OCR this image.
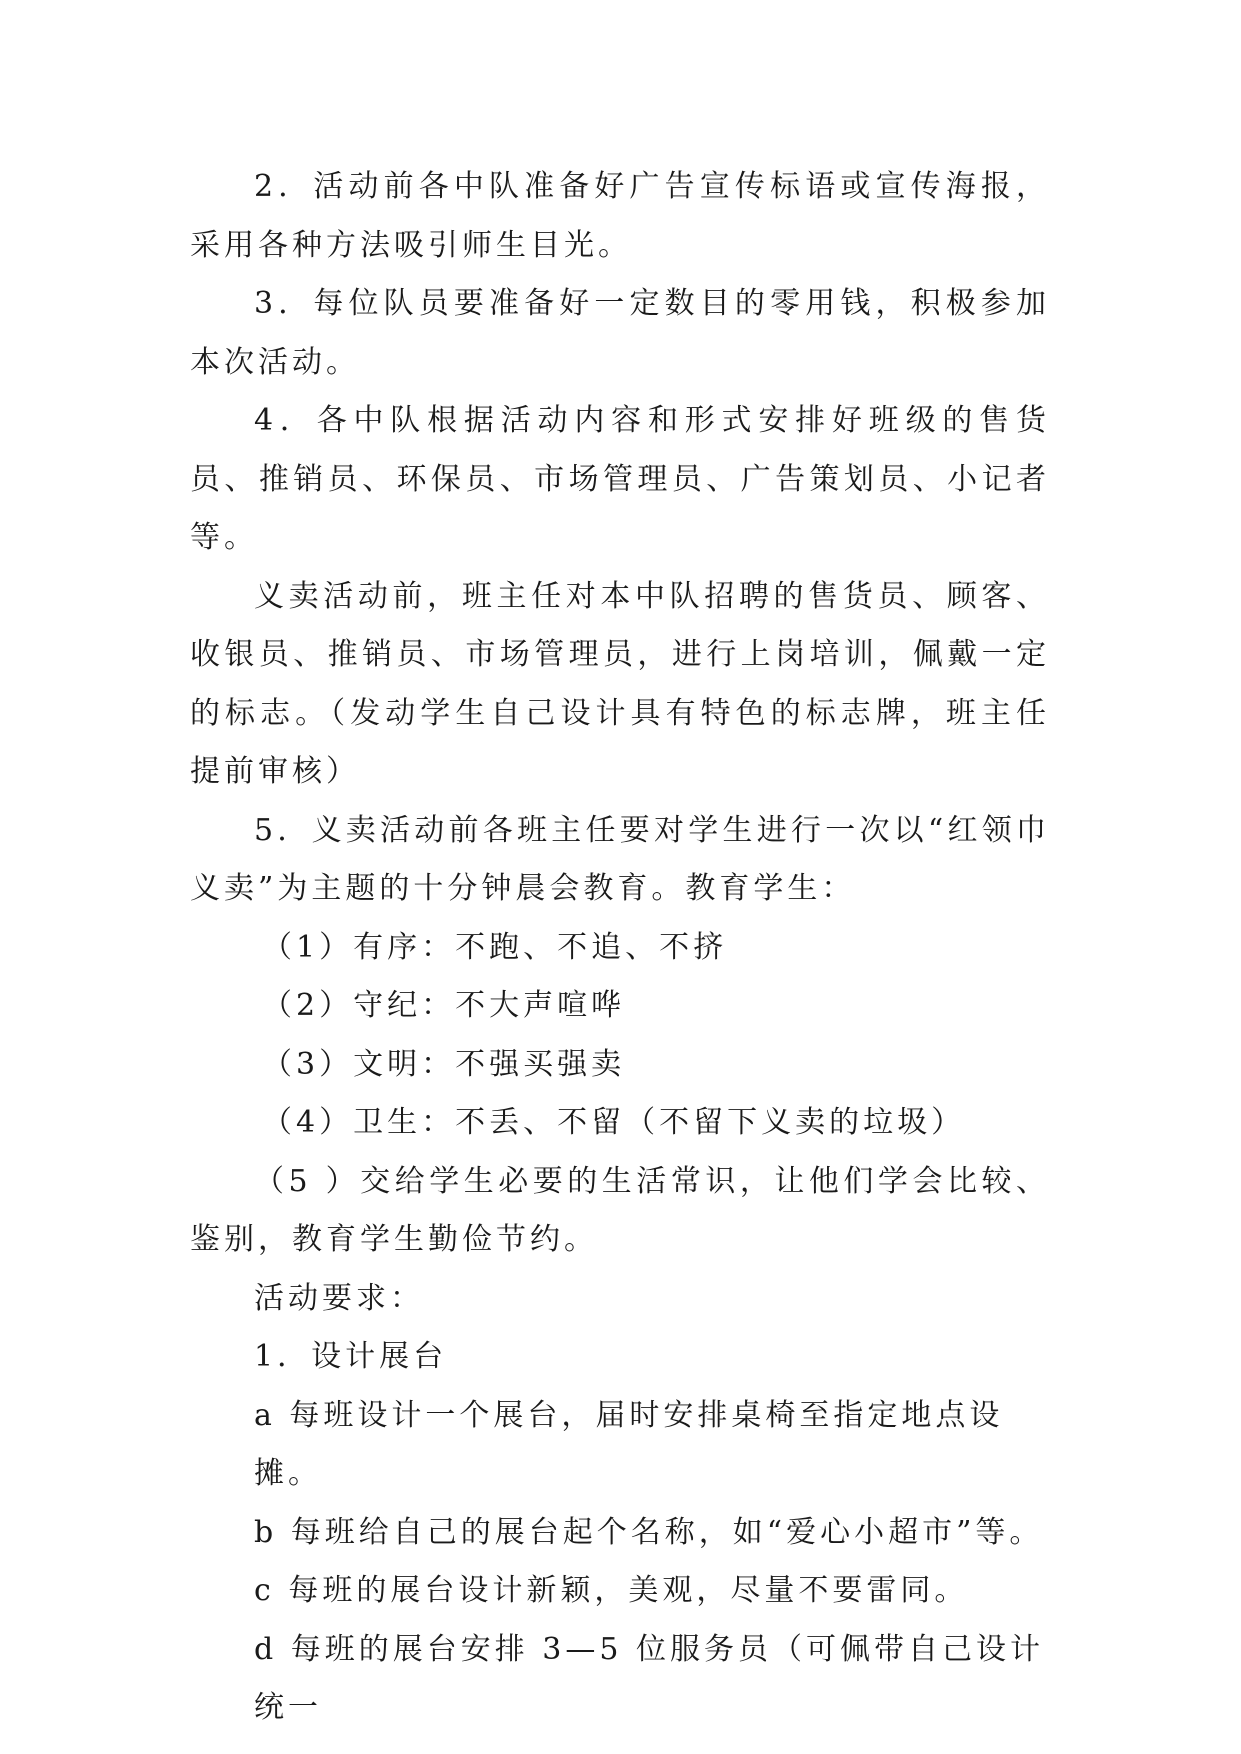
2．活动前各中队准备好广告宣传标语或宣传海报，采用各种方法吸引师生目光。

3．每位队员要准备好一定数目的零用钱，积极参加本次活动。

4．各中队根据活动内容和形式安排好班级的售货员、推销员、环保员、市场管理员、广告策划员、小记者等。

义卖活动前，班主任对本中队招聘的售货员、顾客、收银员、推销员、市场管理员，进行上岗培训，佩戴一定的标志。（发动学生自己设计具有特色的标志牌，班主任提前审核）

5．义卖活动前各班主任要对学生进行一次以“红领巾义卖”为主题的十分钟晨会教育。教育学生：

（1）有序：不跑、不追、不挤

（2）守纪：不大声喧哗

（3）文明：不强买强卖

（4）卫生：不丢、不留（不留下义卖的垃圾）

（5 ）交给学生必要的生活常识，让他们学会比较、鉴别，教育学生勤俭节约。

活动要求：

1．设计展台

a 每班设计一个展台，届时安排桌椅至指定地点设摊。

b 每班给自己的展台起个名称，如“爱心小超市”等。

c 每班的展台设计新颖，美观，尽量不要雷同。

d 每班的展台安排 3—5 位服务员（可佩带自己设计统一
